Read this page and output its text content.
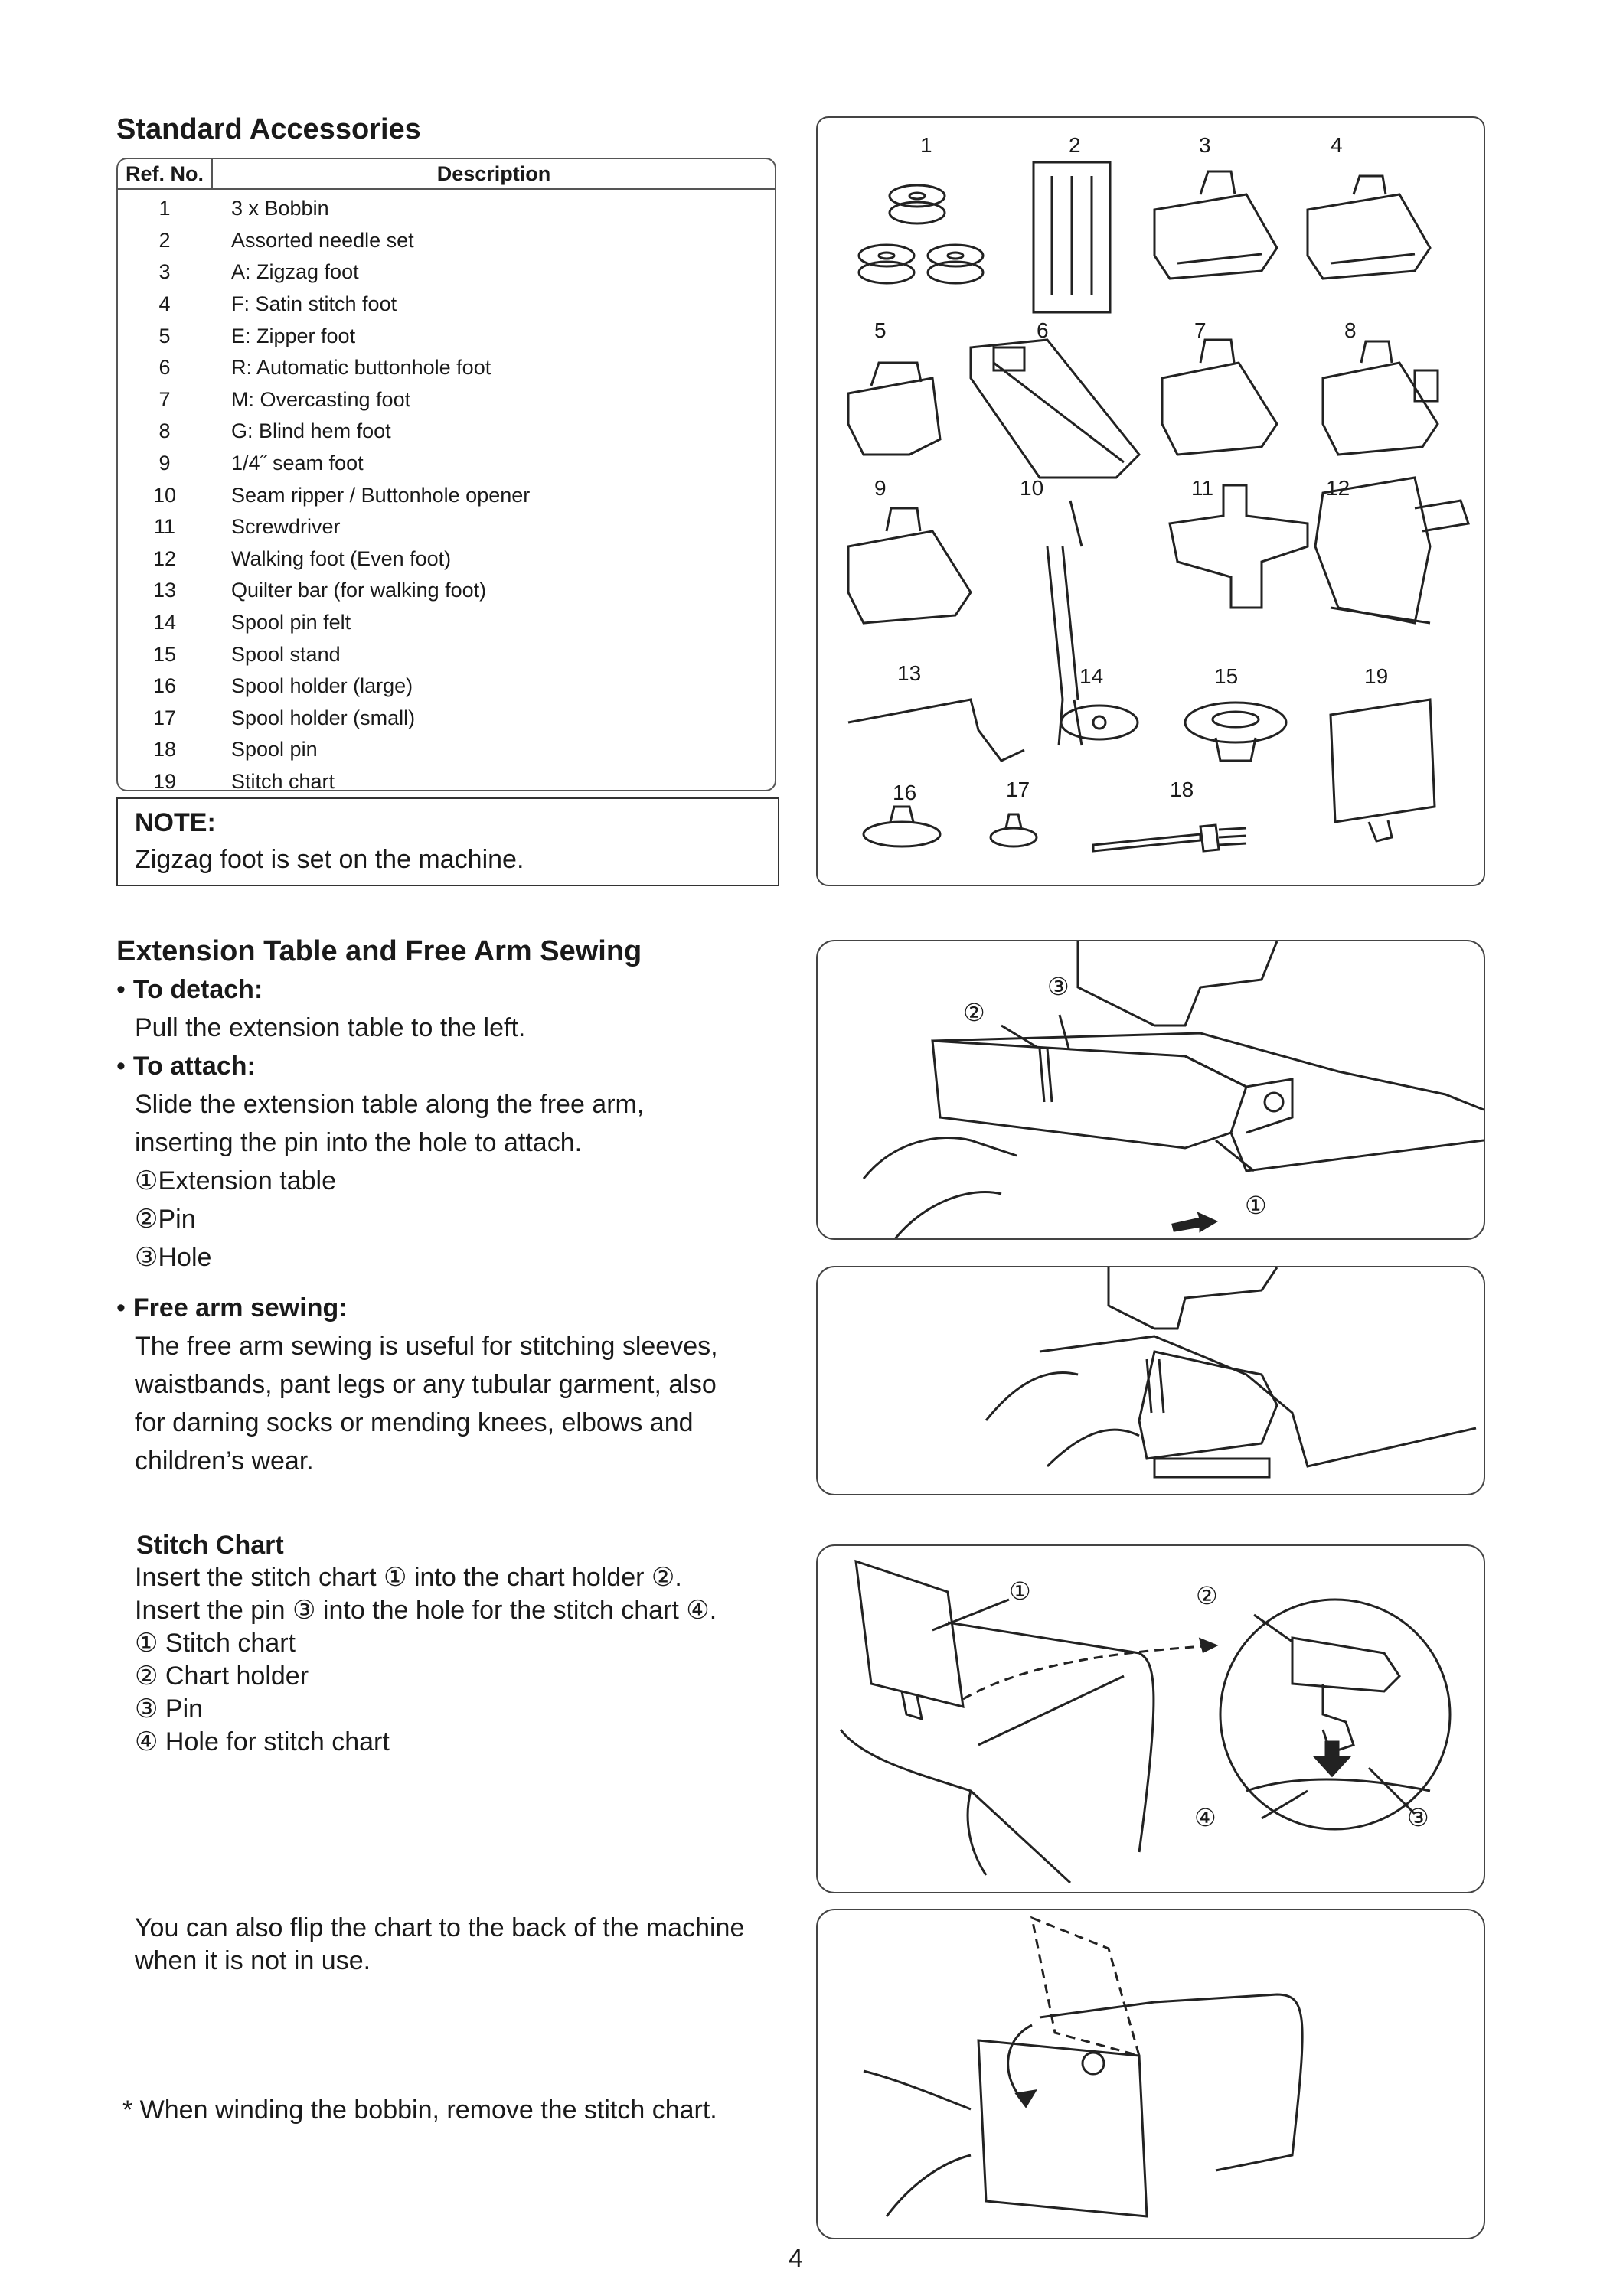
Standard Accessories
Ref. No.	Description
1	3 x Bobbin
2	Assorted needle set
3	A: Zigzag foot
4	F: Satin stitch foot
5	E: Zipper foot
6	R: Automatic buttonhole foot
7	M: Overcasting foot
8	G: Blind hem foot
9	1/4˝ seam foot
10	Seam ripper / Buttonhole opener
11	Screwdriver
12	Walking foot (Even foot)
13	Quilter bar (for walking foot)
14	Spool pin felt
15	Spool stand
16	Spool holder (large)
17	Spool holder (small)
18	Spool pin
19	Stitch chart
NOTE:
Zigzag foot is set on the machine.
1	2	3	4
5	6	7	8
9	10	11	12
13	14	15	19
16	17	18
Extension Table and Free Arm Sewing
• To detach:
Pull the extension table to the left.
• To attach:
Slide the extension table along the free arm,
inserting the pin into the hole to attach.
①Extension table
②Pin
③Hole
• Free arm sewing:
The free arm sewing is useful for stitching sleeves,
waistbands, pant legs or any tubular garment, also
for darning socks or mending knees, elbows and
children’s wear.
②
③
①
Stitch Chart
Insert the stitch chart ① into the chart holder ②.
Insert the pin ③ into the hole for the stitch chart ④.
① Stitch chart
② Chart holder
③ Pin
④ Hole for stitch chart
①	②
④	③
You can also flip the chart to the back of the machine
when it is not in use.
* When winding the bobbin, remove the stitch chart.
4
